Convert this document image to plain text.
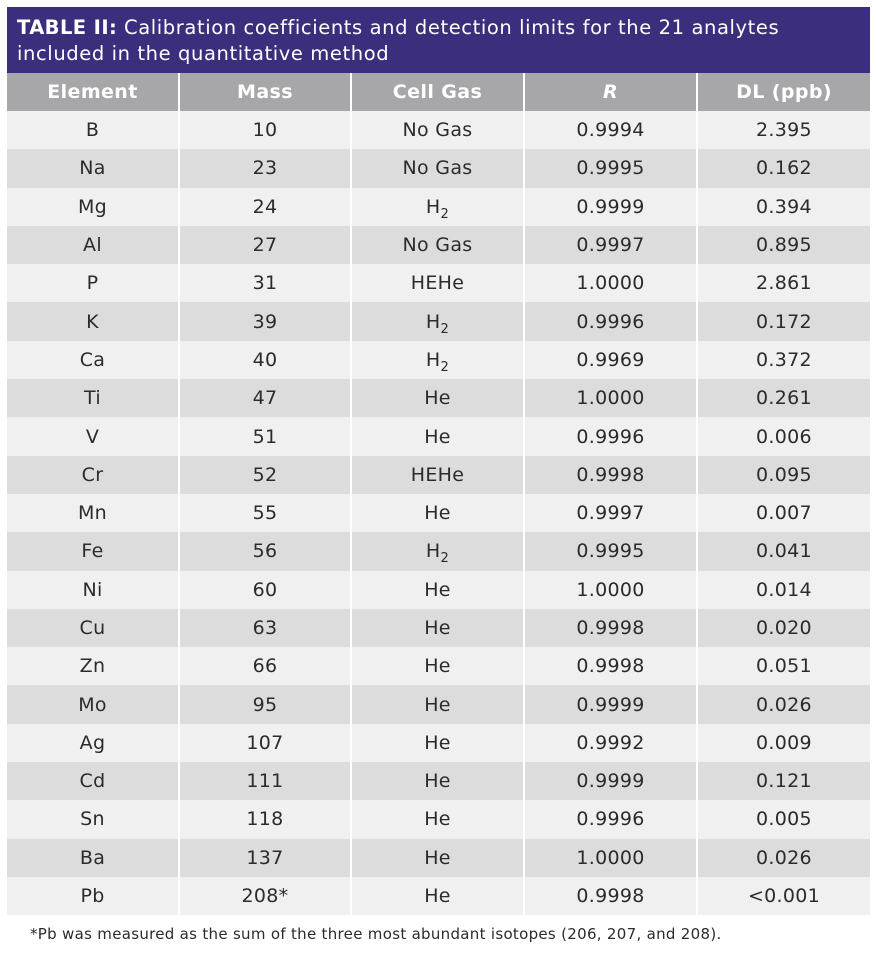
TABLE II: Calibration coefficients and detection limits for the 21 analytes included in the quantitative method
Element	Mass	Cell Gas	R	DL (ppb)
B	10	No Gas	0.9994	2.395
Na	23	No Gas	0.9995	0.162
Mg	24	$H_2$	0.9999	0.394
Al	27	No Gas	0.9997	0.895
P	31	HEHe	1.0000	2.861
K	39	$H_2$	0.9996	0.172
Ca	40	$H_2$	0.9969	0.372
Ti	47	He	1.0000	0.261
V	51	He	0.9996	0.006
Cr	52	HEHe	0.9998	0.095
Mn	55	He	0.9997	0.007
Fe	56	$H_2$	0.9995	0.041
Ni	60	He	1.0000	0.014
Cu	63	He	0.9998	0.020
Zn	66	He	0.9998	0.051
Mo	95	He	0.9999	0.026
Ag	107	He	0.9992	0.009
Cd	111	He	0.9999	0.121
Sn	118	He	0.9996	0.005
Ba	137	He	1.0000	0.026
Pb	208*	He	0.9998	<0.001
*Pb was measured as the sum of the three most abundant isotopes (206, 207, and 208).
